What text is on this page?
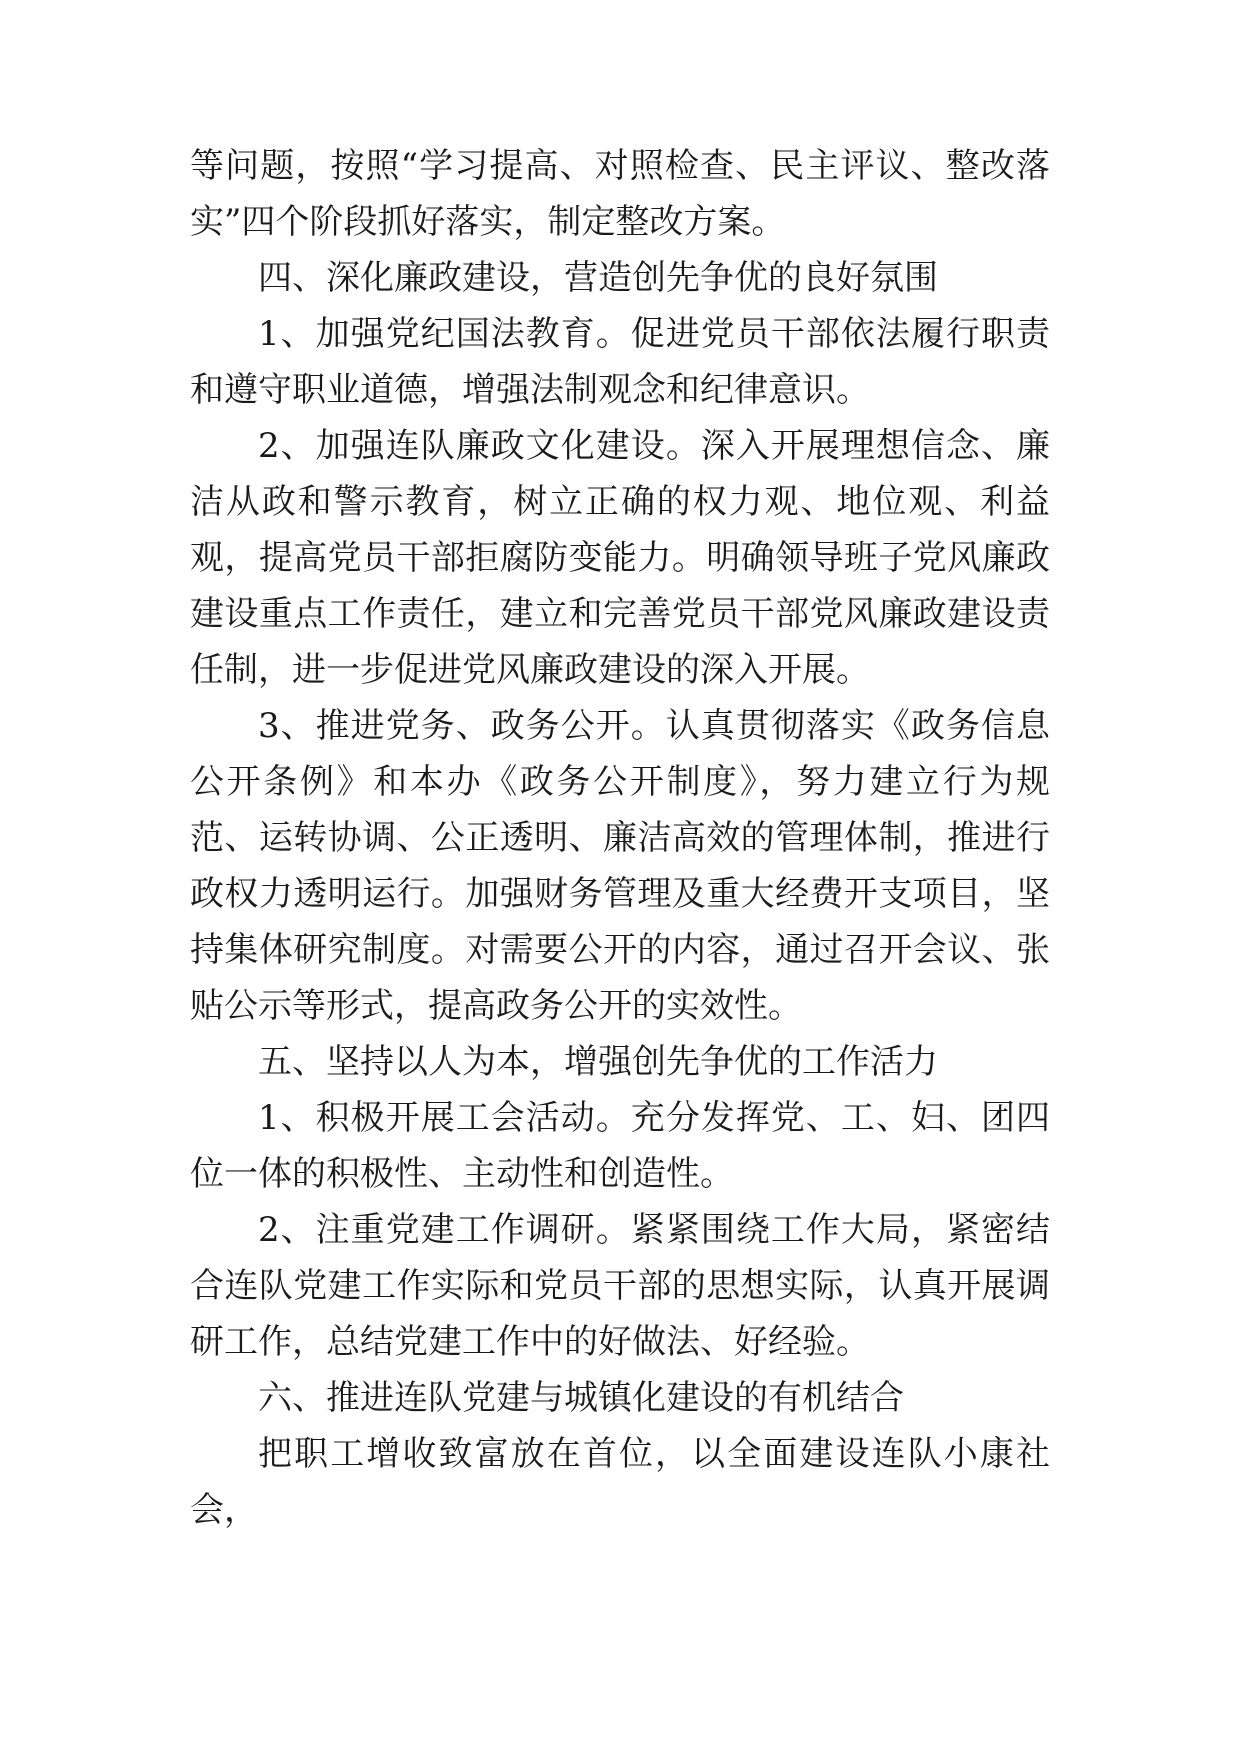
等问题，按照“学习提高、对照检查、民主评议、整改落实”四个阶段抓好落实，制定整改方案。

四、深化廉政建设，营造创先争优的良好氛围

1、加强党纪国法教育。促进党员干部依法履行职责和遵守职业道德，增强法制观念和纪律意识。

2、加强连队廉政文化建设。深入开展理想信念、廉洁从政和警示教育，树立正确的权力观、地位观、利益观，提高党员干部拒腐防变能力。明确领导班子党风廉政建设重点工作责任，建立和完善党员干部党风廉政建设责任制，进一步促进党风廉政建设的深入开展。

3、推进党务、政务公开。认真贯彻落实《政务信息公开条例》和本办《政务公开制度》，努力建立行为规范、运转协调、公正透明、廉洁高效的管理体制，推进行政权力透明运行。加强财务管理及重大经费开支项目，坚持集体研究制度。对需要公开的内容，通过召开会议、张贴公示等形式，提高政务公开的实效性。

五、坚持以人为本，增强创先争优的工作活力

1、积极开展工会活动。充分发挥党、工、妇、团四位一体的积极性、主动性和创造性。

2、注重党建工作调研。紧紧围绕工作大局，紧密结合连队党建工作实际和党员干部的思想实际，认真开展调研工作，总结党建工作中的好做法、好经验。

六、推进连队党建与城镇化建设的有机结合

把职工增收致富放在首位，以全面建设连队小康社会，
